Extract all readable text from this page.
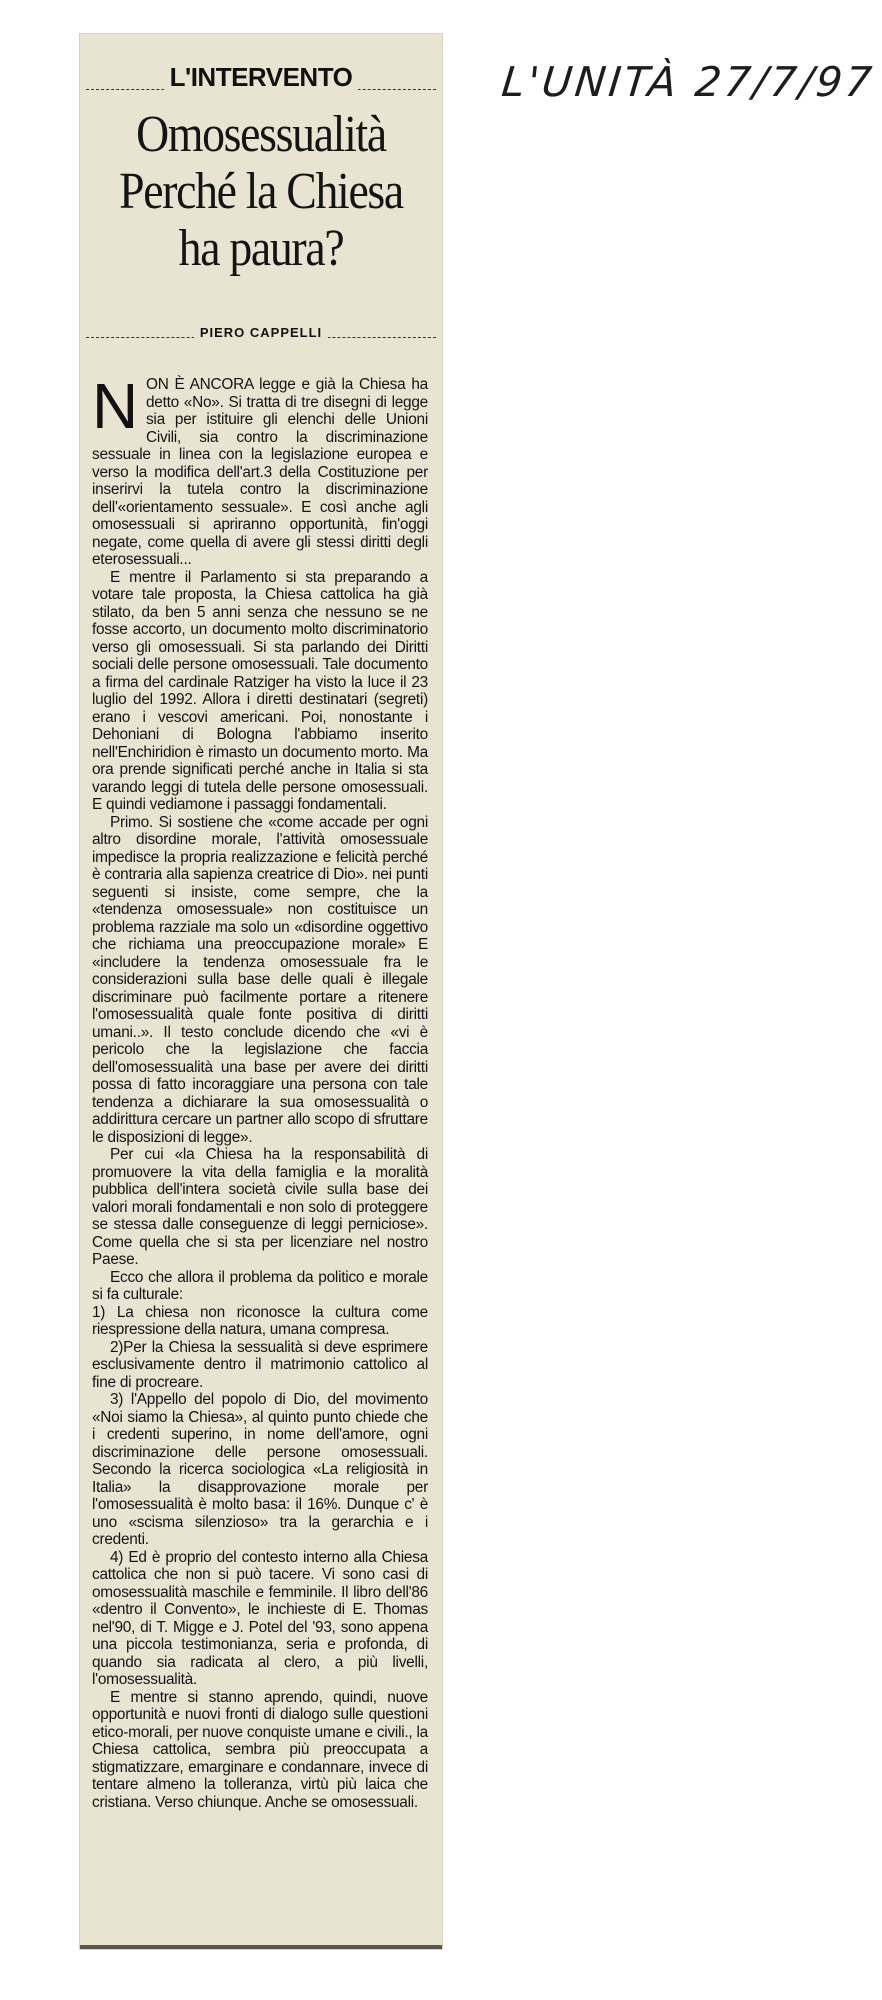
L'UNITÀ 27/7/97
L'INTERVENTO
Omosessualità
Perché la Chiesa
ha paura?
PIERO CAPPELLI

NON È ANCORA legge e già la Chiesa ha detto «No». Si tratta di tre disegni di legge sia per istituire gli elenchi delle Unioni Civili, sia contro la discriminazione sessuale in linea con la legislazione europea e verso la modifica dell'art.3 della Costituzione per inserirvi la tutela contro la discriminazione dell'«orientamento sessuale». E così anche agli omosessuali si apriranno opportunità, fin'oggi negate, come quella di avere gli stessi diritti degli eterosessuali...

E mentre il Parlamento si sta preparando a votare tale proposta, la Chiesa cattolica ha già stilato, da ben 5 anni senza che nessuno se ne fosse accorto, un documento molto discriminatorio verso gli omosessuali. Si sta parlando dei Diritti sociali delle persone omosessuali. Tale documento a firma del cardinale Ratziger ha visto la luce il 23 luglio del 1992. Allora i diretti destinatari (segreti) erano i vescovi americani. Poi, nonostante i Dehoniani di Bologna l'abbiamo inserito nell'Enchiridion è rimasto un documento morto. Ma ora prende significati perché anche in Italia si sta varando leggi di tutela delle persone omosessuali. E quindi vediamone i passaggi fondamentali.

Primo. Si sostiene che «come accade per ogni altro disordine morale, l'attività omosessuale impedisce la propria realizzazione e felicità perché è contraria alla sapienza creatrice di Dio». nei punti seguenti si insiste, come sempre, che la «tendenza omosessuale» non costituisce un problema razziale ma solo un «disordine oggettivo che richiama una preoccupazione morale» E «includere la tendenza omosessuale fra le considerazioni sulla base delle quali è illegale discriminare può facilmente portare a ritenere l'omosessualità quale fonte positiva di diritti umani..». Il testo conclude dicendo che «vi è pericolo che la legislazione che faccia dell'omosessualità una base per avere dei diritti possa di fatto incoraggiare una persona con tale tendenza a dichiarare la sua omosessualità o addirittura cercare un partner allo scopo di sfruttare le disposizioni di legge».

Per cui «la Chiesa ha la responsabilità di promuovere la vita della famiglia e la moralità pubblica dell'intera società civile sulla base dei valori morali fondamentali e non solo di proteggere se stessa dalle conseguenze di leggi perniciose». Come quella che si sta per licenziare nel nostro Paese.

Ecco che allora il problema da politico e morale si fa culturale:

1) La chiesa non riconosce la cultura come riespressione della natura, umana compresa.

2)Per la Chiesa la sessualità si deve esprimere esclusivamente dentro il matrimonio cattolico al fine di procreare.

3) l'Appello del popolo di Dio, del movimento «Noi siamo la Chiesa», al quinto punto chiede che i credenti superino, in nome dell'amore, ogni discriminazione delle persone omosessuali. Secondo la ricerca sociologica «La religiosità in Italia» la disapprovazione morale per l'omosessualità è molto basa: il 16%. Dunque c' è uno «scisma silenzioso» tra la gerarchia e i credenti.

4) Ed è proprio del contesto interno alla Chiesa cattolica che non si può tacere. Vi sono casi di omosessualità maschile e femminile. Il libro dell'86 «dentro il Convento», le inchieste di E. Thomas nel'90, di T. Migge e J. Potel del '93, sono appena una piccola testimonianza, seria e profonda, di quando sia radicata al clero, a più livelli, l'omosessualità.

E mentre si stanno aprendo, quindi, nuove opportunità e nuovi fronti di dialogo sulle questioni etico-morali, per nuove conquiste umane e civili., la Chiesa cattolica, sembra più preoccupata a stigmatizzare, emarginare e condannare, invece di tentare almeno la tolleranza, virtù più laica che cristiana. Verso chiunque. Anche se omosessuali.
